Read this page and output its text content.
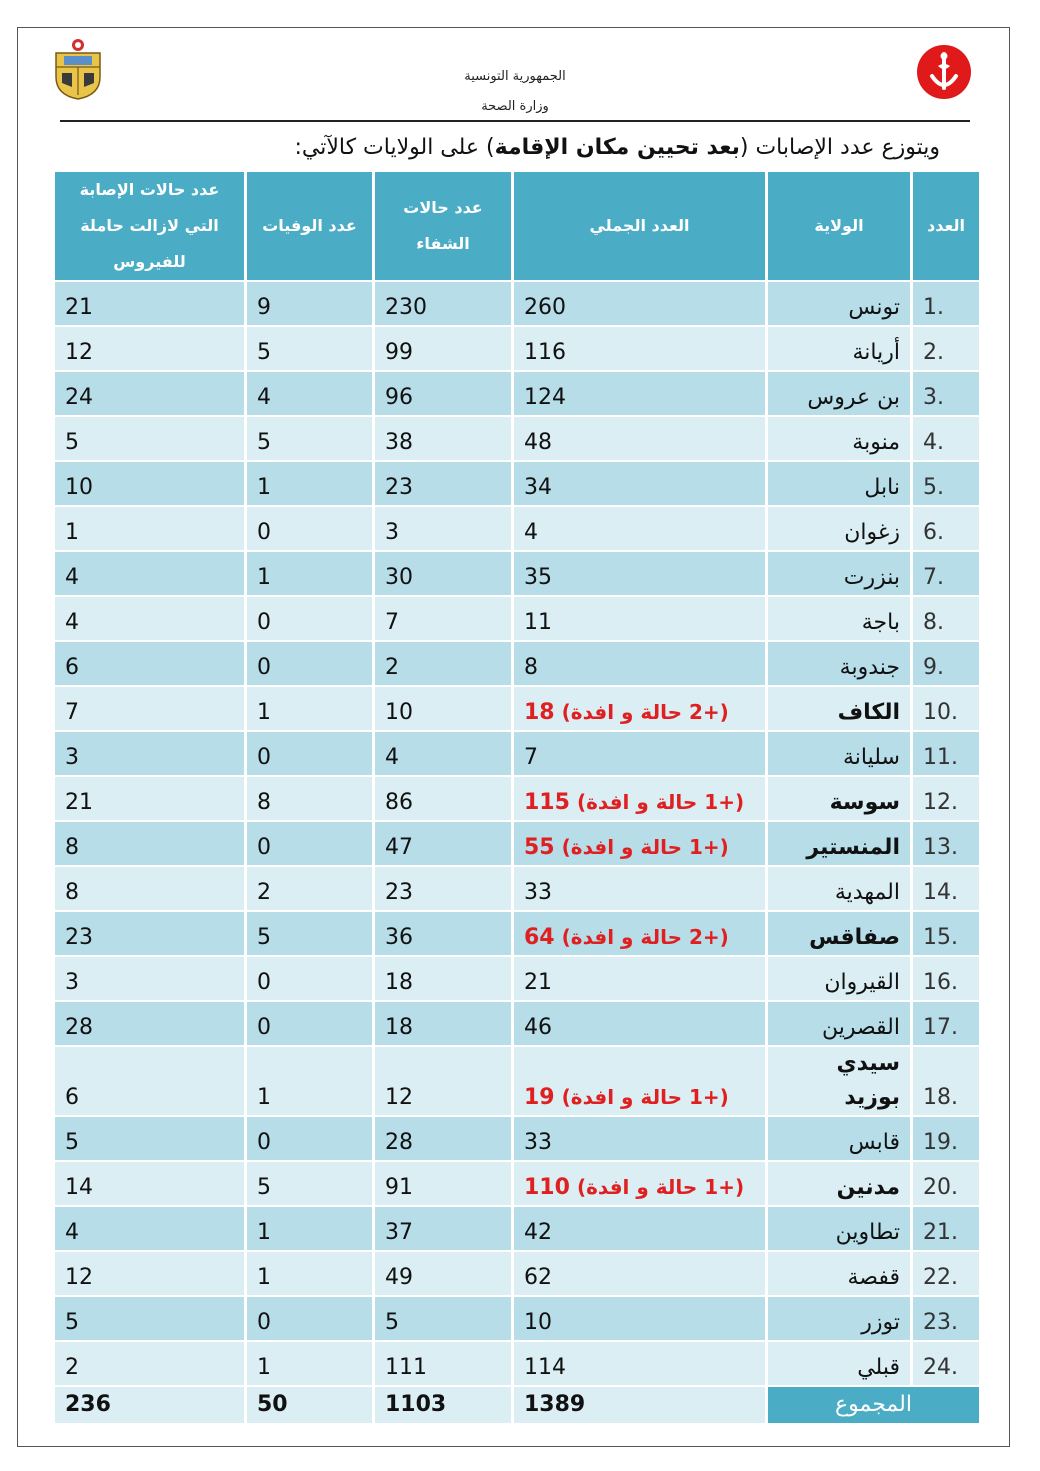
الجمهورية التونسية
وزارة الصحة
ويتوزع عدد الإصابات (بعد تحيين مكان الإقامة) على الولايات كالآتي:
العدد	الولاية	العدد الجملي	عدد حالات الشفاء	عدد الوفيات	عدد حالات الإصابة التي لازالت حاملة للفيروس
1.	تونس	260	230	9	21
2.	أريانة	116	99	5	12
3.	بن عروس	124	96	4	24
4.	منوبة	48	38	5	5
5.	نابل	34	23	1	10
6.	زغوان	4	3	0	1
7.	بنزرت	35	30	1	4
8.	باجة	11	7	0	4
9.	جندوبة	8	2	0	6
10.	الكاف	(+2 حالة و افدة) 18	10	1	7
11.	سليانة	7	4	0	3
12.	سوسة	(+1 حالة و افدة) 115	86	8	21
13.	المنستير	(+1 حالة و افدة) 55	47	0	8
14.	المهدية	33	23	2	8
15.	صفاقس	(+2 حالة و افدة) 64	36	5	23
16.	القيروان	21	18	0	3
17.	القصرين	46	18	0	28
18.	سيدي بوزيد	(+1 حالة و افدة) 19	12	1	6
19.	قابس	33	28	0	5
20.	مدنين	(+1 حالة و افدة) 110	91	5	14
21.	تطاوين	42	37	1	4
22.	قفصة	62	49	1	12
23.	توزر	10	5	0	5
24.	قبلي	114	111	1	2
المجموع		1389	1103	50	236
